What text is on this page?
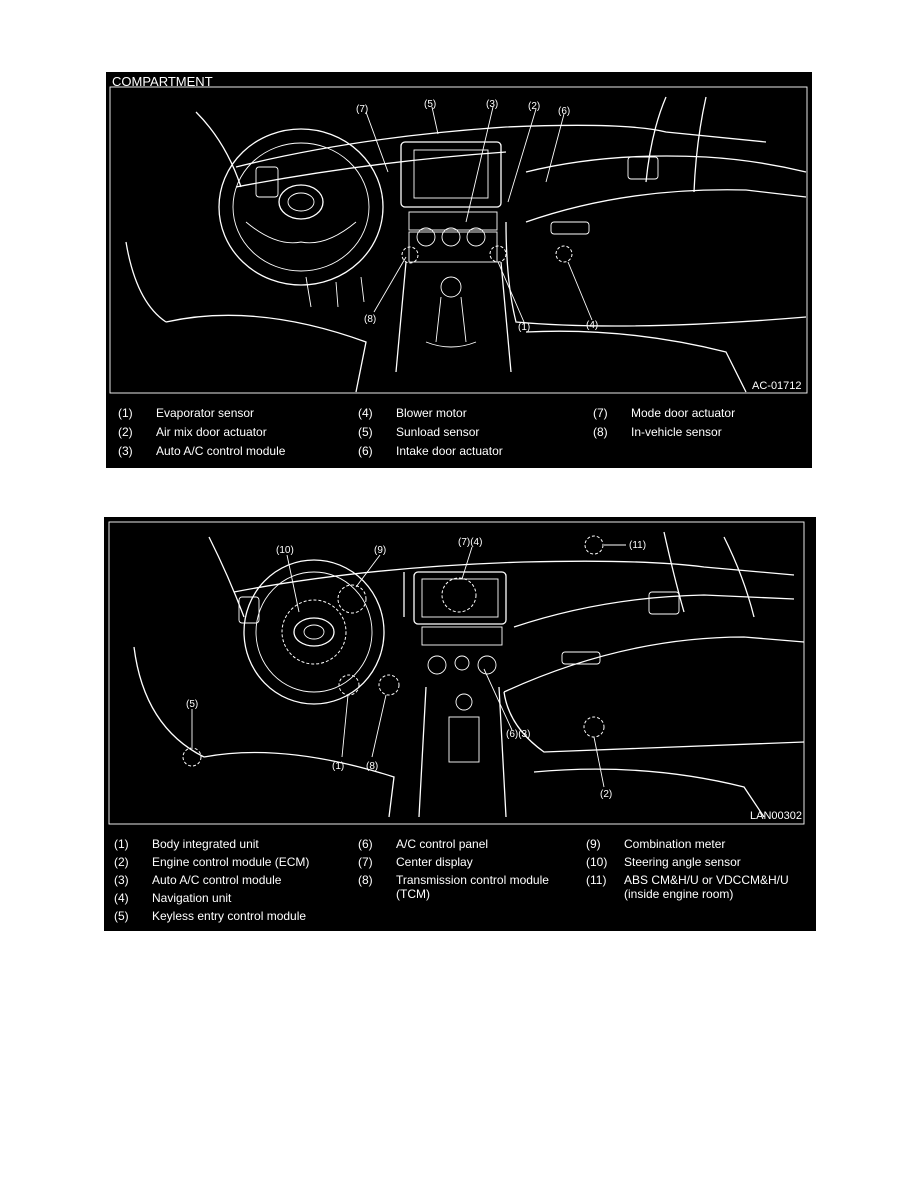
(7)	(5)	(3)	(2) (6)
(8)
(1)	(4)
COMPARTMENT
AC-01712
(1) Evaporator sensor
(2) Air mix door actuator
(3) Auto A/C control module
(4) Blower motor
(5) Sunload sensor
(6) Intake door actuator
(7) Mode door actuator
(8) In-vehicle sensor
(10)	(9)
(7)(4)	(11)
(5)
(6)(3)
(1) (8)
(2)
LAN00302
(1) Body integrated unit
(2) Engine control module (ECM)
(3) Auto A/C control module
(4) Navigation unit
(5) Keyless entry control module
(6) A/C control panel
(7) Center display
(8) Transmission control module (TCM)
(9) Combination meter
(10) Steering angle sensor
(11) ABS CM&H/U or VDCCM&H/U (inside engine room)
